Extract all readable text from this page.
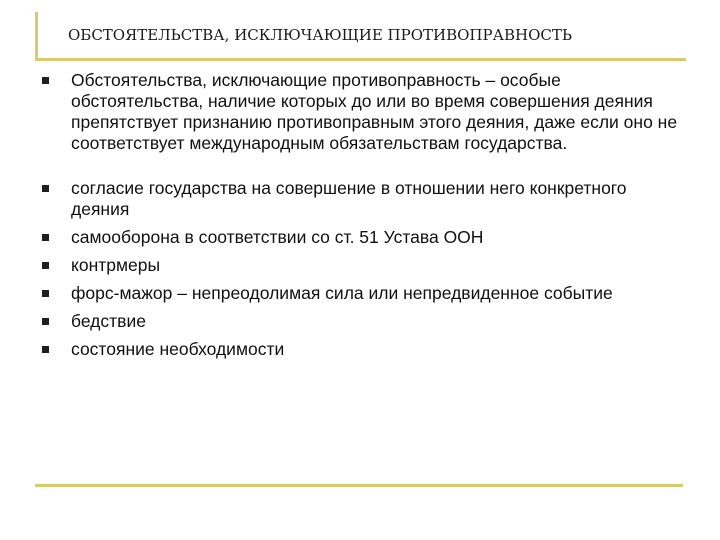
ОБСТОЯТЕЛЬСТВА, ИСКЛЮЧАЮЩИЕ ПРОТИВОПРАВНОСТЬ
Обстоятельства, исключающие противоправность – особые обстоятельства, наличие которых до или во время совершения деяния препятствует признанию противоправным этого деяния, даже если оно не соответствует международным обязательствам государства.
согласие государства на совершение в отношении него конкретного деяния
самооборона в соответствии со ст. 51 Устава ООН
контрмеры
форс-мажор – непреодолимая сила или непредвиденное событие
бедствие
состояние необходимости
